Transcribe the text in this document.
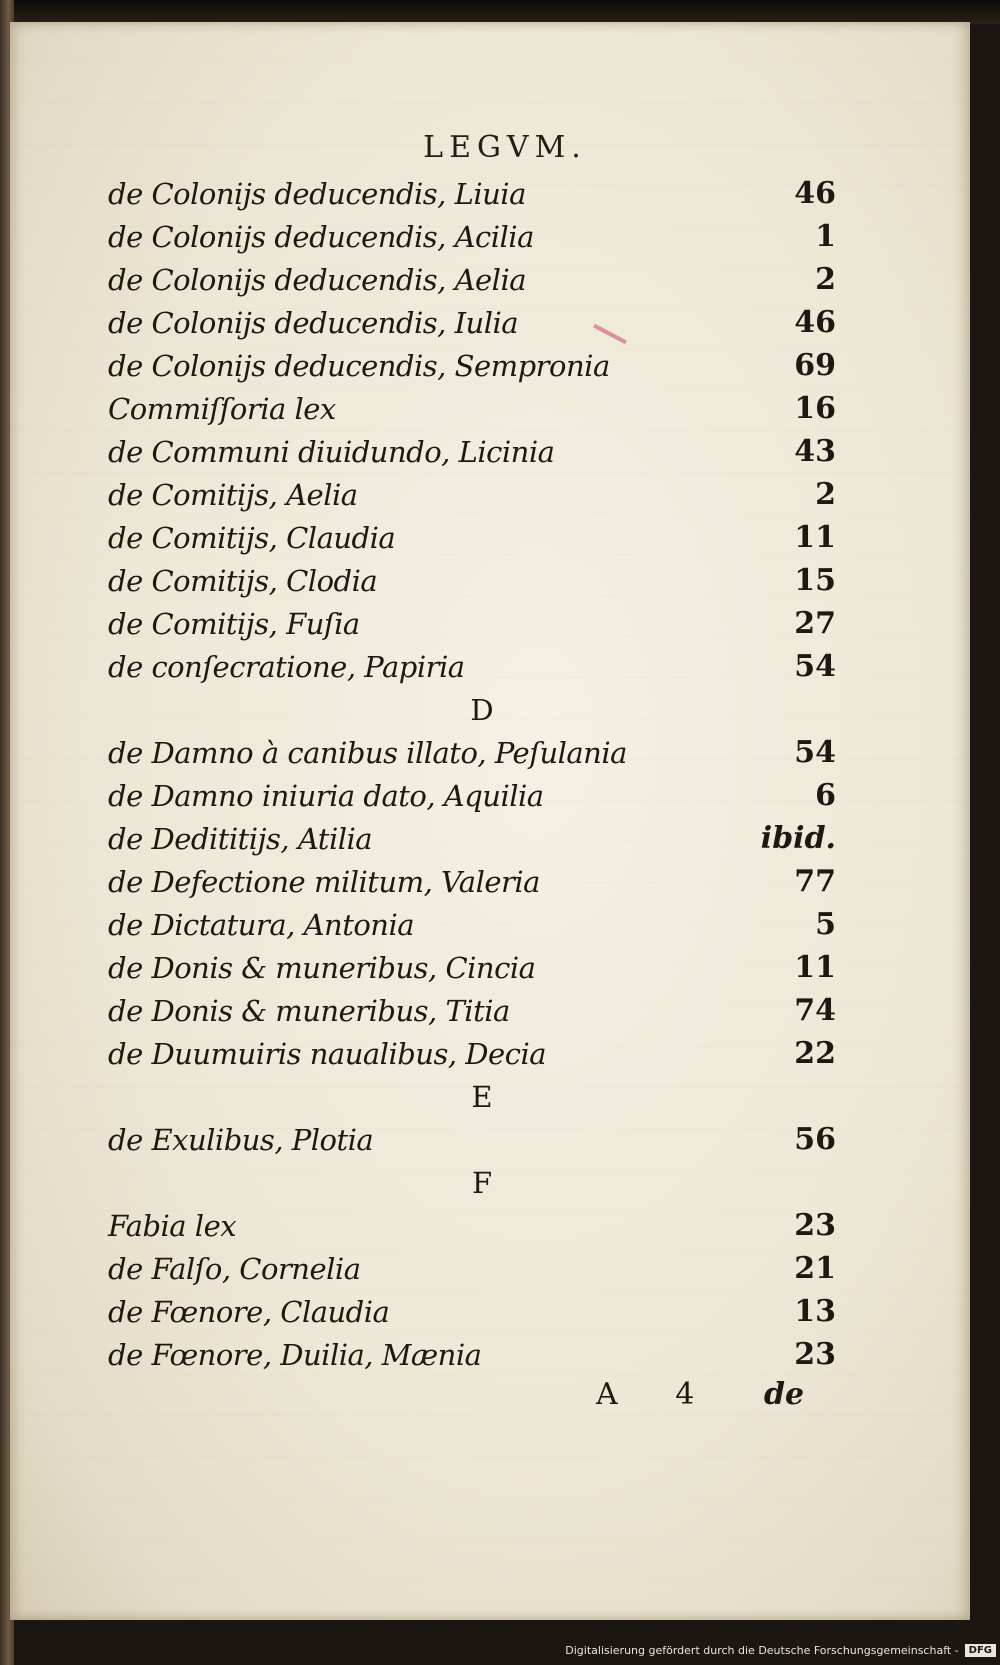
LEGVM.
de Colonijs deducendis, Liuia	46
de Colonijs deducendis, Acilia	1
de Colonijs deducendis, Aelia	2
de Colonijs deducendis, Iulia	46
de Colonijs deducendis, Sempronia	69
Commiſſoria lex	16
de Communi diuidundo, Licinia	43
de Comitijs, Aelia	2
de Comitijs, Claudia	11
de Comitijs, Clodia	15
de Comitijs, Fuſia	27
de conſecratione, Papiria	54
D
de Damno à canibus illato, Peſulania	54
de Damno iniuria dato, Aquilia	6
de Dedititijs, Atilia	ibid.
de Defectione militum, Valeria	77
de Dictatura, Antonia	5
de Donis & muneribus, Cincia	11
de Donis & muneribus, Titia	74
de Duumuiris naualibus, Decia	22
E
de Exulibus, Plotia	56
F
Fabia lex	23
de Falſo, Cornelia	21
de Fœnore, Claudia	13
de Fœnore, Duilia, Mænia	23
A 4 de
Digitalisierung gefördert durch die Deutsche Forschungsgemeinschaft -	DFG
